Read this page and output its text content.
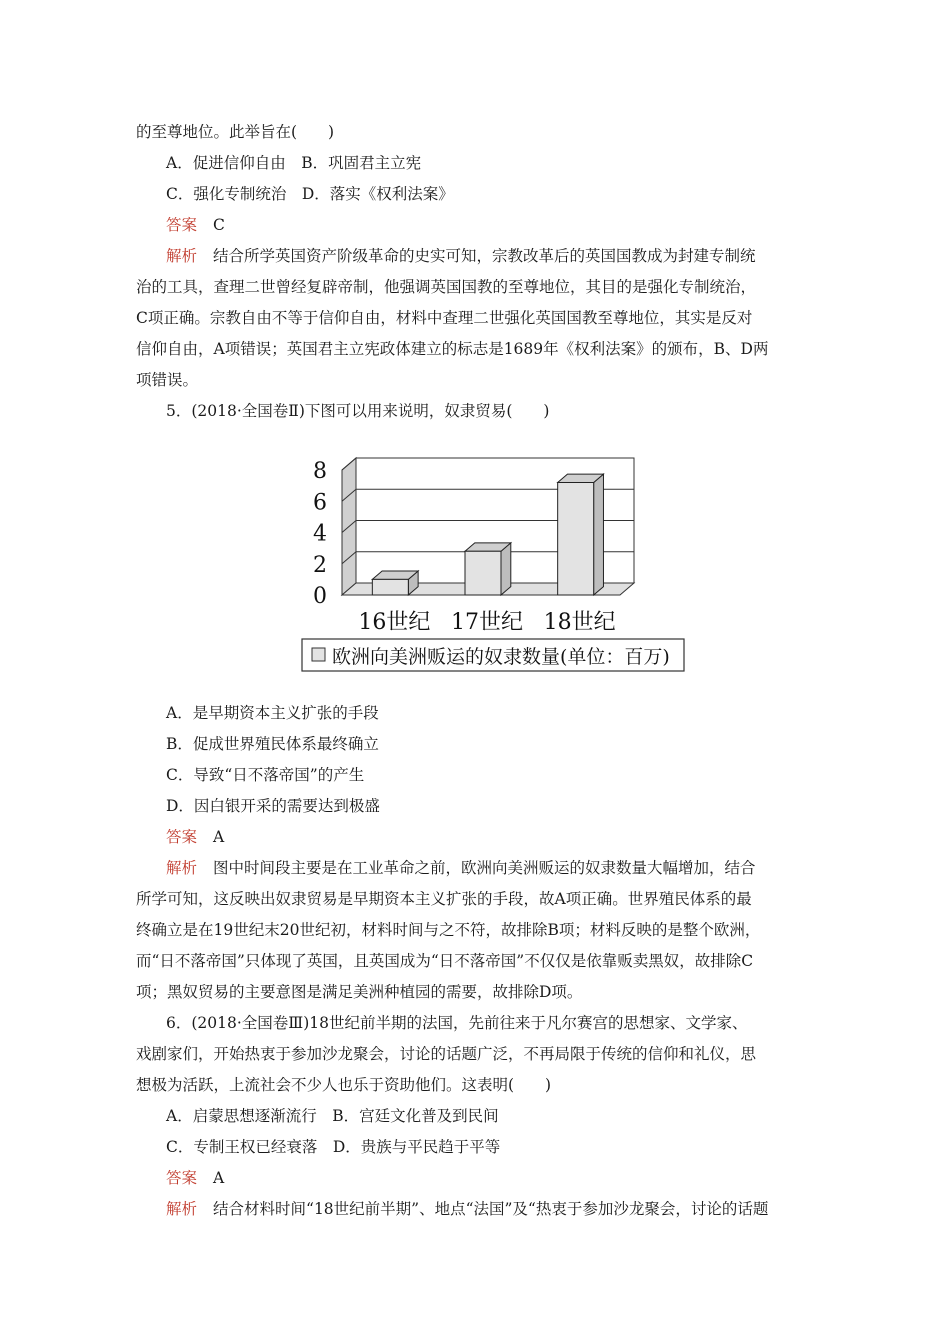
的至尊地位。此举旨在(　　)
A．促进信仰自由　B．巩固君主立宪
C．强化专制统治　D．落实《权利法案》
答案 C
解析 结合所学英国资产阶级革命的史实可知，宗教改革后的英国国教成为封建专制统
治的工具，查理二世曾经复辟帝制，他强调英国国教的至尊地位，其目的是强化专制统治，
C项正确。宗教自由不等于信仰自由，材料中查理二世强化英国国教至尊地位，其实是反对
信仰自由，A项错误；英国君主立宪政体建立的标志是1689年《权利法案》的颁布，B、D两
项错误。
5．(2018·全国卷Ⅱ)下图可以用来说明，奴隶贸易(　　)
A．是早期资本主义扩张的手段
B．促成世界殖民体系最终确立
C．导致“日不落帝国”的产生
D．因白银开采的需要达到极盛
答案 A
解析 图中时间段主要是在工业革命之前，欧洲向美洲贩运的奴隶数量大幅增加，结合
所学可知，这反映出奴隶贸易是早期资本主义扩张的手段，故A项正确。世界殖民体系的最
终确立是在19世纪末20世纪初，材料时间与之不符，故排除B项；材料反映的是整个欧洲，
而“日不落帝国”只体现了英国，且英国成为“日不落帝国”不仅仅是依靠贩卖黑奴，故排除C
项；黑奴贸易的主要意图是满足美洲种植园的需要，故排除D项。
6．(2018·全国卷Ⅲ)18世纪前半期的法国，先前往来于凡尔赛宫的思想家、文学家、
戏剧家们，开始热衷于参加沙龙聚会，讨论的话题广泛，不再局限于传统的信仰和礼仪，思
想极为活跃，上流社会不少人也乐于资助他们。这表明(　　)
A．启蒙思想逐渐流行　B．宫廷文化普及到民间
C．专制王权已经衰落　D．贵族与平民趋于平等
答案 A
解析 结合材料时间“18世纪前半期”、地点“法国”及“热衷于参加沙龙聚会，讨论的话题
0
2
4
6
8
16世纪 17世纪 18世纪
欧洲向美洲贩运的奴隶数量(单位：百万)
